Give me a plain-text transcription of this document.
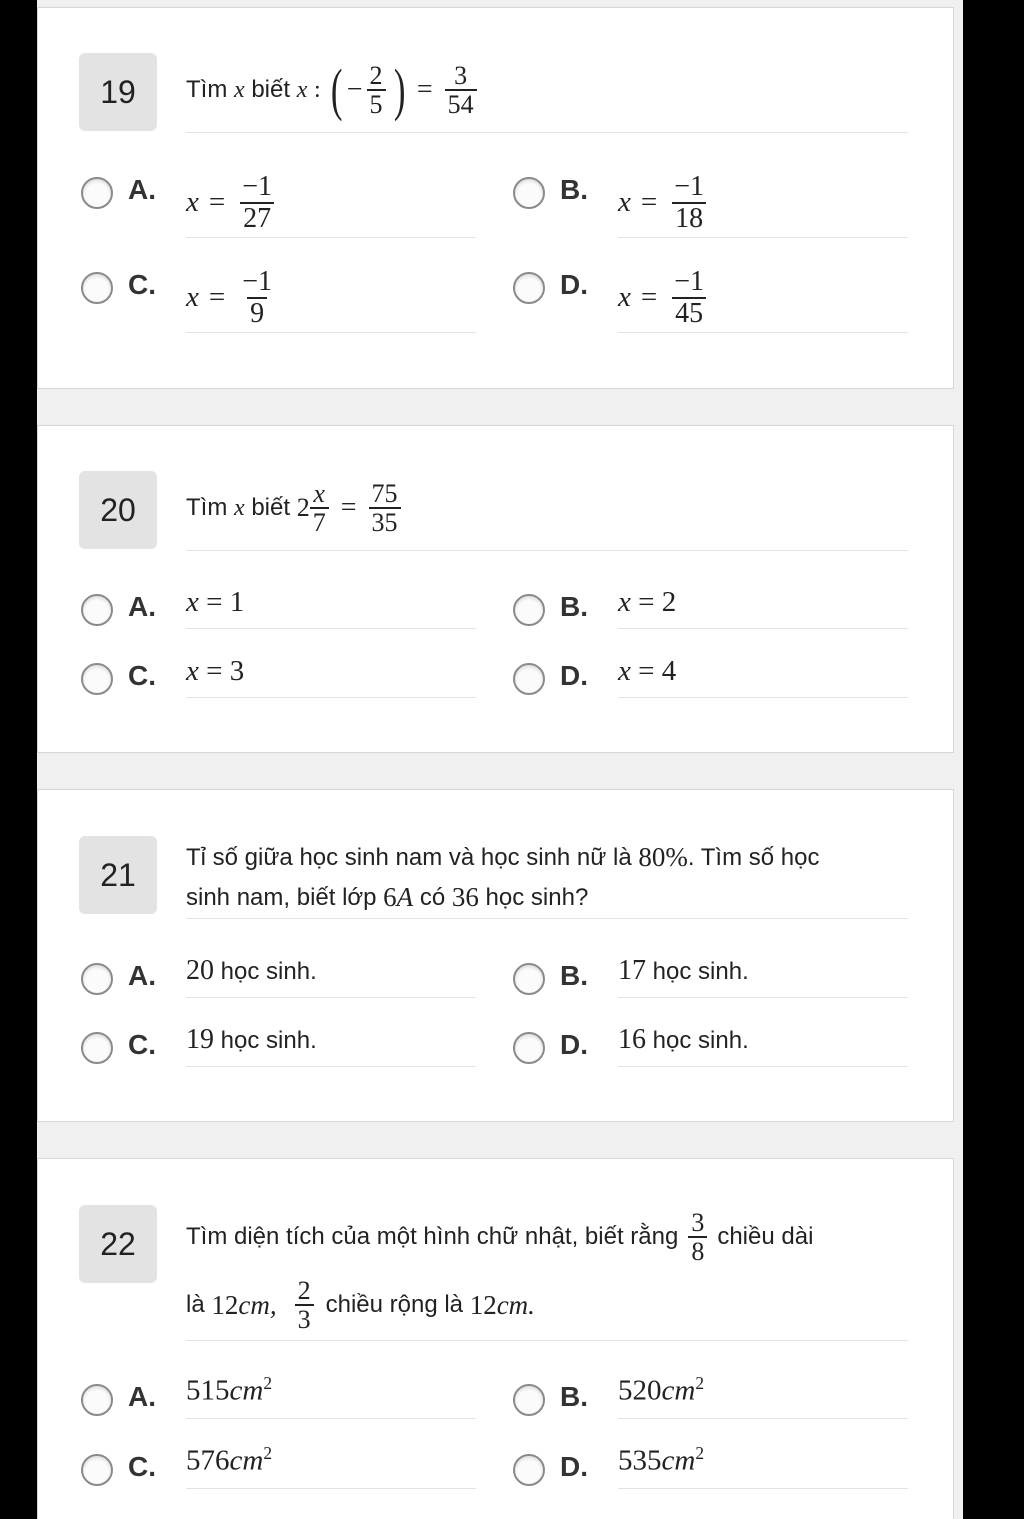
19	Tìm
x
biết
x
:
( − $\frac{2}{5}$ ) = $\frac{3}{54}$
A. $x = \frac{-1}{27}$	B. $x = \frac{-1}{18}$
C. $x = \frac{-1}{9}$	D. $x = \frac{-1}{45}$
20	Tìm
x
biết
$2 \frac{x}{7} = \frac{75}{35}$
A. x = 1	B. x = 2
C. x = 3	D. x = 4
21	Tỉ số giữa học sinh nam và học sinh nữ là
80% . Tìm số học
sinh nam, biết lớp
6A
có
36
học sinh?
A. 20 học sinh.	B. 17 học sinh.
C. 19 học sinh.	D. 16 học sinh.
22	Tìm diện tích của một hình chữ nhật, biết rằng $\frac{3}{8}$ chiều dài
là
12cm, $\frac{2}{3}$ chiều rộng là
12cm.
A. $515cm^2$	B. $520cm^2$
C. $576cm^2$	D. $535cm^2$
